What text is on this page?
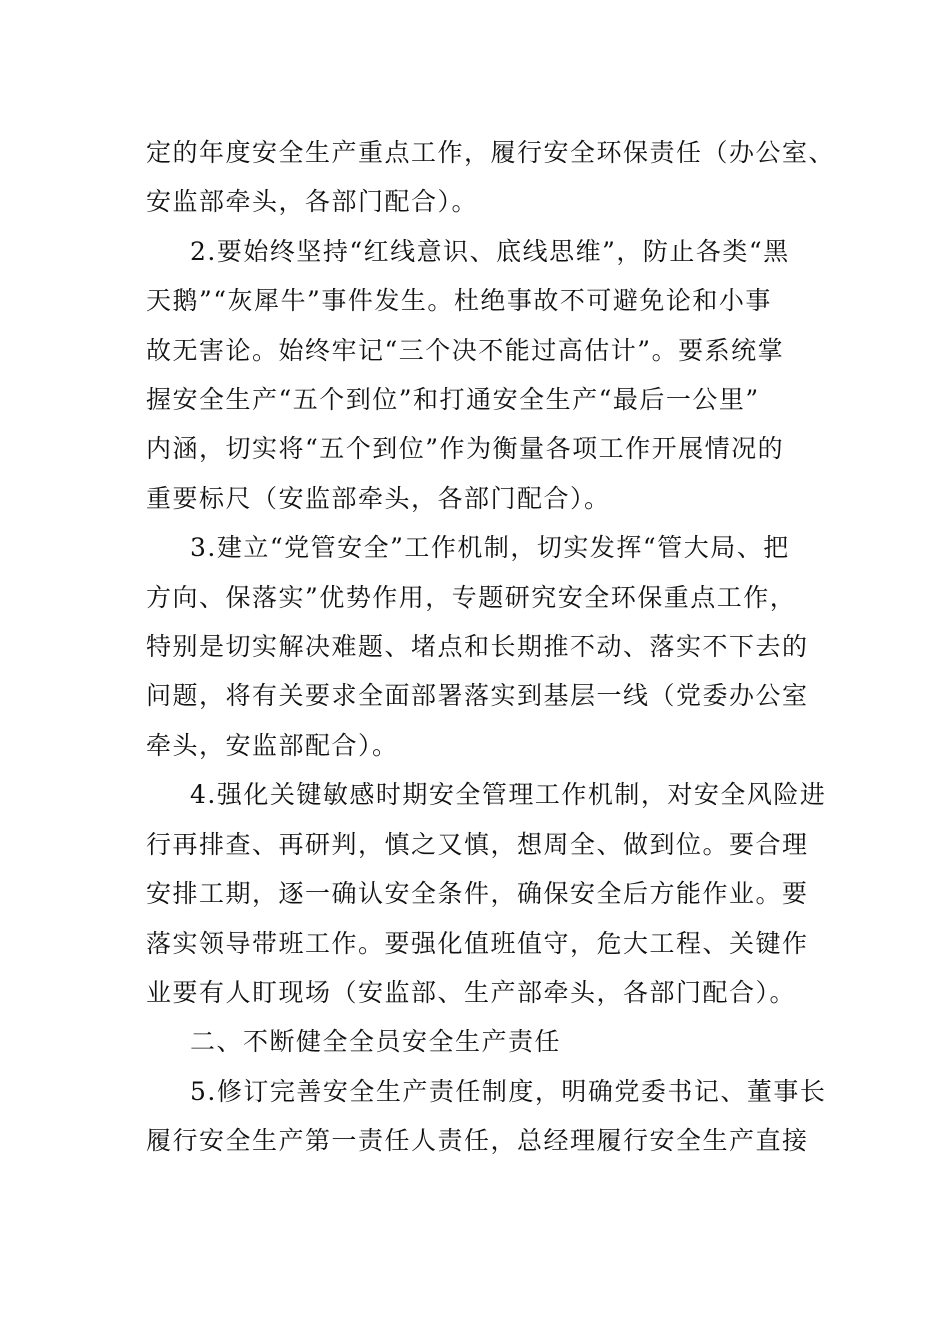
定的年度安全生产重点工作，履行安全环保责任（办公室、
安监部牵头，各部门配合）。
2.要始终坚持“红线意识、底线思维”，防止各类“黑
天鹅”“灰犀牛”事件发生。杜绝事故不可避免论和小事
故无害论。始终牢记“三个决不能过高估计”。要系统掌
握安全生产“五个到位”和打通安全生产“最后一公里”
内涵，切实将“五个到位”作为衡量各项工作开展情况的
重要标尺（安监部牵头，各部门配合）。
3.建立“党管安全”工作机制，切实发挥“管大局、把
方向、保落实”优势作用，专题研究安全环保重点工作，
特别是切实解决难题、堵点和长期推不动、落实不下去的
问题，将有关要求全面部署落实到基层一线（党委办公室
牵头，安监部配合）。
4.强化关键敏感时期安全管理工作机制，对安全风险进
行再排查、再研判，慎之又慎，想周全、做到位。要合理
安排工期，逐一确认安全条件，确保安全后方能作业。要
落实领导带班工作。要强化值班值守，危大工程、关键作
业要有人盯现场（安监部、生产部牵头，各部门配合）。
二、不断健全全员安全生产责任
5.修订完善安全生产责任制度，明确党委书记、董事长
履行安全生产第一责任人责任，总经理履行安全生产直接
